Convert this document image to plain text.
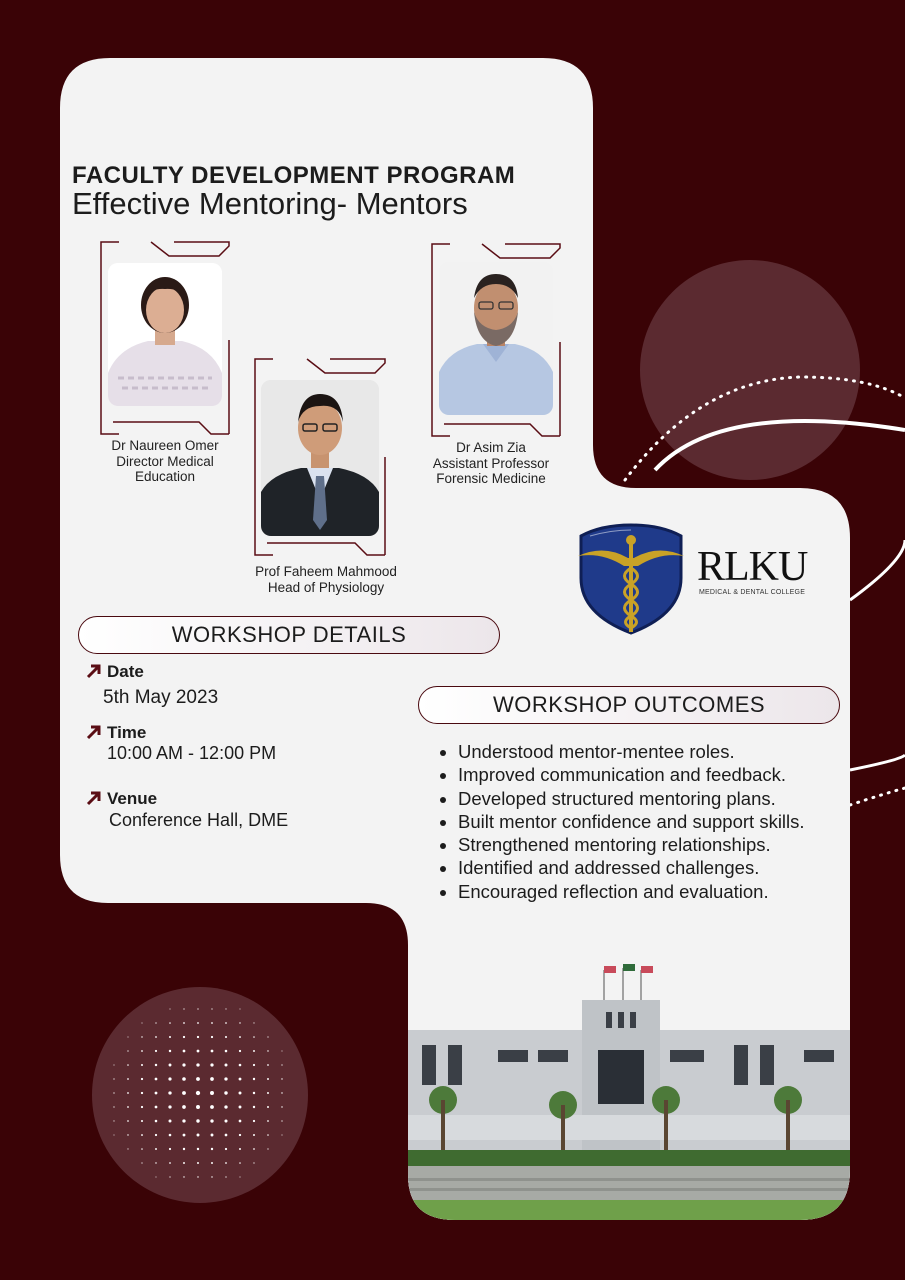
FACULTY DEVELOPMENT PROGRAM
Effective Mentoring- Mentors
Dr Naureen Omer
Director Medical
Education
Prof Faheem Mahmood
Head of Physiology
Dr Asim Zia
Assistant Professor
Forensic Medicine
RLKU
MEDICAL & DENTAL COLLEGE
WORKSHOP DETAILS
Date
5th May 2023
Time
10:00 AM - 12:00 PM
Venue
Conference Hall, DME
WORKSHOP OUTCOMES
• Understood mentor-mentee roles.
• Improved communication and feedback.
• Developed structured mentoring plans.
• Built mentor confidence and support skills.
• Strengthened mentoring relationships.
• Identified and addressed challenges.
• Encouraged reflection and evaluation.
